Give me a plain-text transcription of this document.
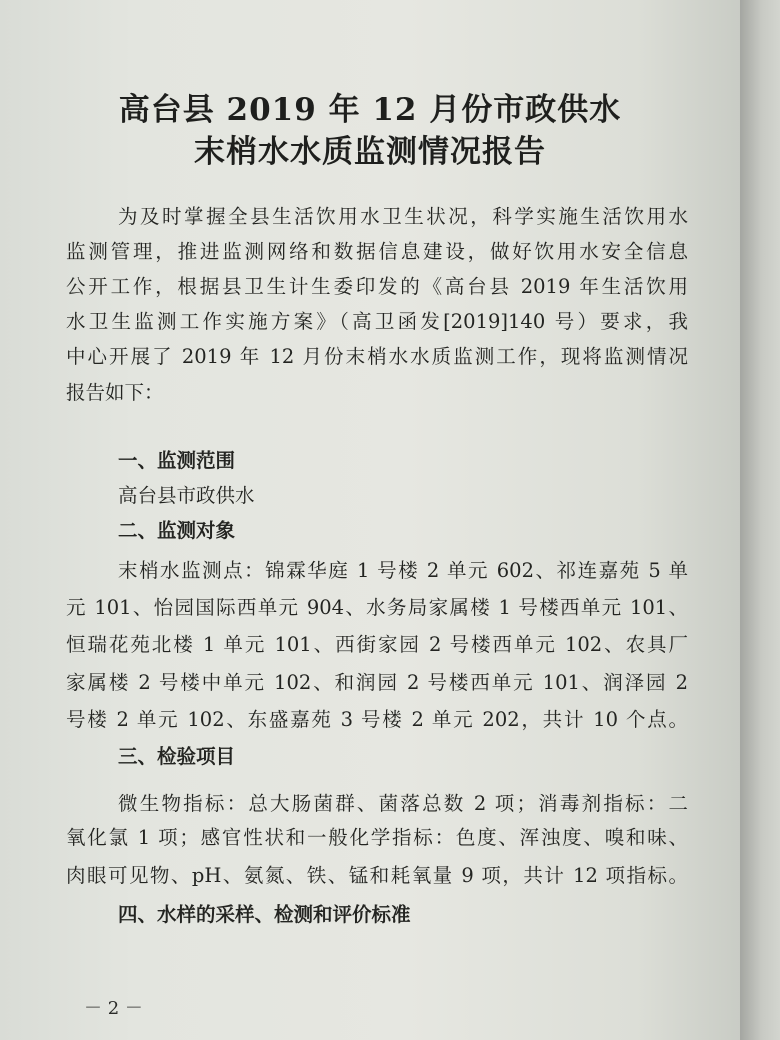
高台县 2019 年 12 月份市政供水
末梢水水质监测情况报告
为及时掌握全县生活饮用水卫生状况，科学实施生活饮用水
监测管理，推进监测网络和数据信息建设，做好饮用水安全信息
公开工作，根据县卫生计生委印发的《高台县 2019 年生活饮用
水卫生监测工作实施方案》（高卫函发[2019]140 号）要求，我
中心开展了 2019 年 12 月份末梢水水质监测工作，现将监测情况
报告如下：
一、监测范围
高台县市政供水
二、监测对象
末梢水监测点：锦霖华庭 1 号楼 2 单元 602、祁连嘉苑 5 单
元 101、怡园国际西单元 904、水务局家属楼 1 号楼西单元 101、
恒瑞花苑北楼 1 单元 101、西街家园 2 号楼西单元 102、农具厂
家属楼 2 号楼中单元 102、和润园 2 号楼西单元 101、润泽园 2
号楼 2 单元 102、东盛嘉苑 3 号楼 2 单元 202，共计 10 个点。
三、检验项目
微生物指标：总大肠菌群、菌落总数 2 项；消毒剂指标：二
氧化氯 1 项；感官性状和一般化学指标：色度、浑浊度、嗅和味、
肉眼可见物、pH、氨氮、铁、锰和耗氧量 9 项，共计 12 项指标。
四、水样的采样、检测和评价标准
－ 2 －
